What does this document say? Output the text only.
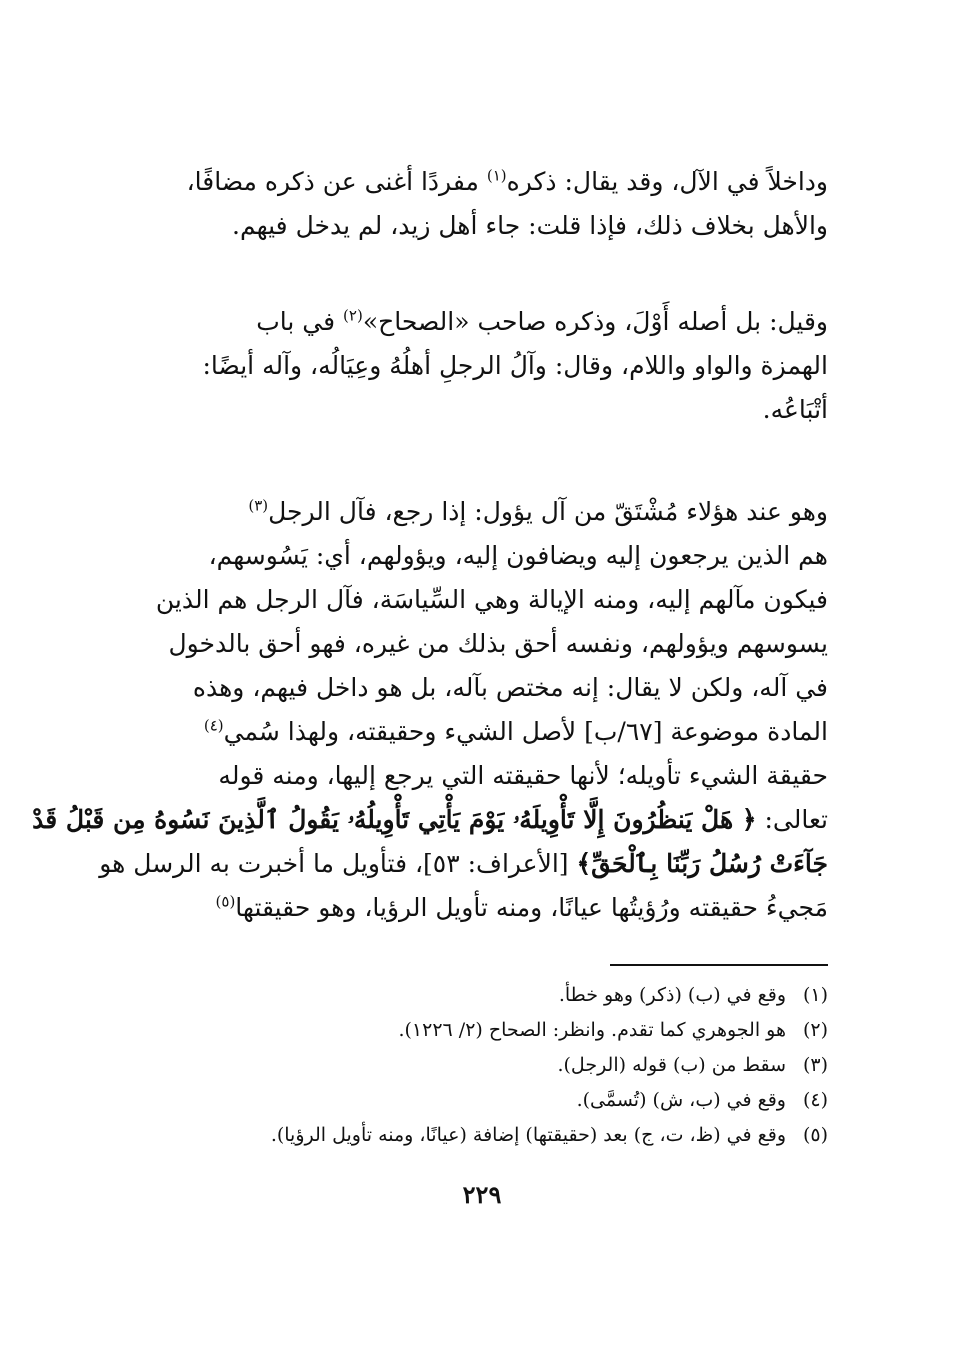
وداخلاً في الآل، وقد يقال: ذكره$^{(١)}$ مفردًا أغنى عن ذكره مضافًا،
والأهل بخلاف ذلك، فإذا قلت: جاء أهل زيد، لم يدخل فيهم.
وقيل: بل أصله أَوْلَ، وذكره صاحب «الصحاح»$^{(٢)}$ في باب
الهمزة والواو واللام، وقال: وآلُ الرجلِ أهلُهُ وعِيَالُه، وآله أيضًا:
أتْبَاعُه.
وهو عند هؤلاء مُشْتَقّ من آل يؤول: إذا رجع، فآل الرجل$^{(٣)}$
هم الذين يرجعون إليه ويضافون إليه، ويؤولهم، أي: يَسُوسهم،
فيكون مآلهم إليه، ومنه الإيالة وهي السِّياسَة، فآل الرجل هم الذين
يسوسهم ويؤولهم، ونفسه أحق بذلك من غيره، فهو أحق بالدخول
في آله، ولكن لا يقال: إنه مختص بآله، بل هو داخل فيهم، وهذه
المادة موضوعة [٦٧/ب] لأصل الشيء وحقيقته، ولهذا سُمي$^{(٤)}$
حقيقة الشيء تأويله؛ لأنها حقيقته التي يرجع إليها، ومنه قوله
تعالى: ﴿ هَلْ يَنظُرُونَ إِلَّا تَأْوِيلَهُۥ يَوْمَ يَأْتِي تَأْوِيلُهُۥ يَقُولُ ٱلَّذِينَ نَسُوهُ مِن قَبْلُ قَدْ
جَآءَتْ رُسُلُ رَبِّنَا بِٱلْحَقِّ﴾ [الأعراف: ٥٣]، فتأويل ما أخبرت به الرسل هو
مَجيءُ حقيقته ورُؤيتُها عيانًا، ومنه تأويل الرؤيا، وهو حقيقتها$^{(٥)}$
(١)وقع في (ب) (ذكر) وهو خطأ.
(٢)هو الجوهري كما تقدم. وانظر: الصحاح (٢/ ١٢٢٦).
(٣)سقط من (ب) قوله (الرجل).
(٤)وقع في (ب، ش) (تُسمَّى).
(٥)وقع في (ظ، ت، ج) بعد (حقيقتها) إضافة (عيانًا، ومنه تأويل الرؤيا).
٢٢٩
